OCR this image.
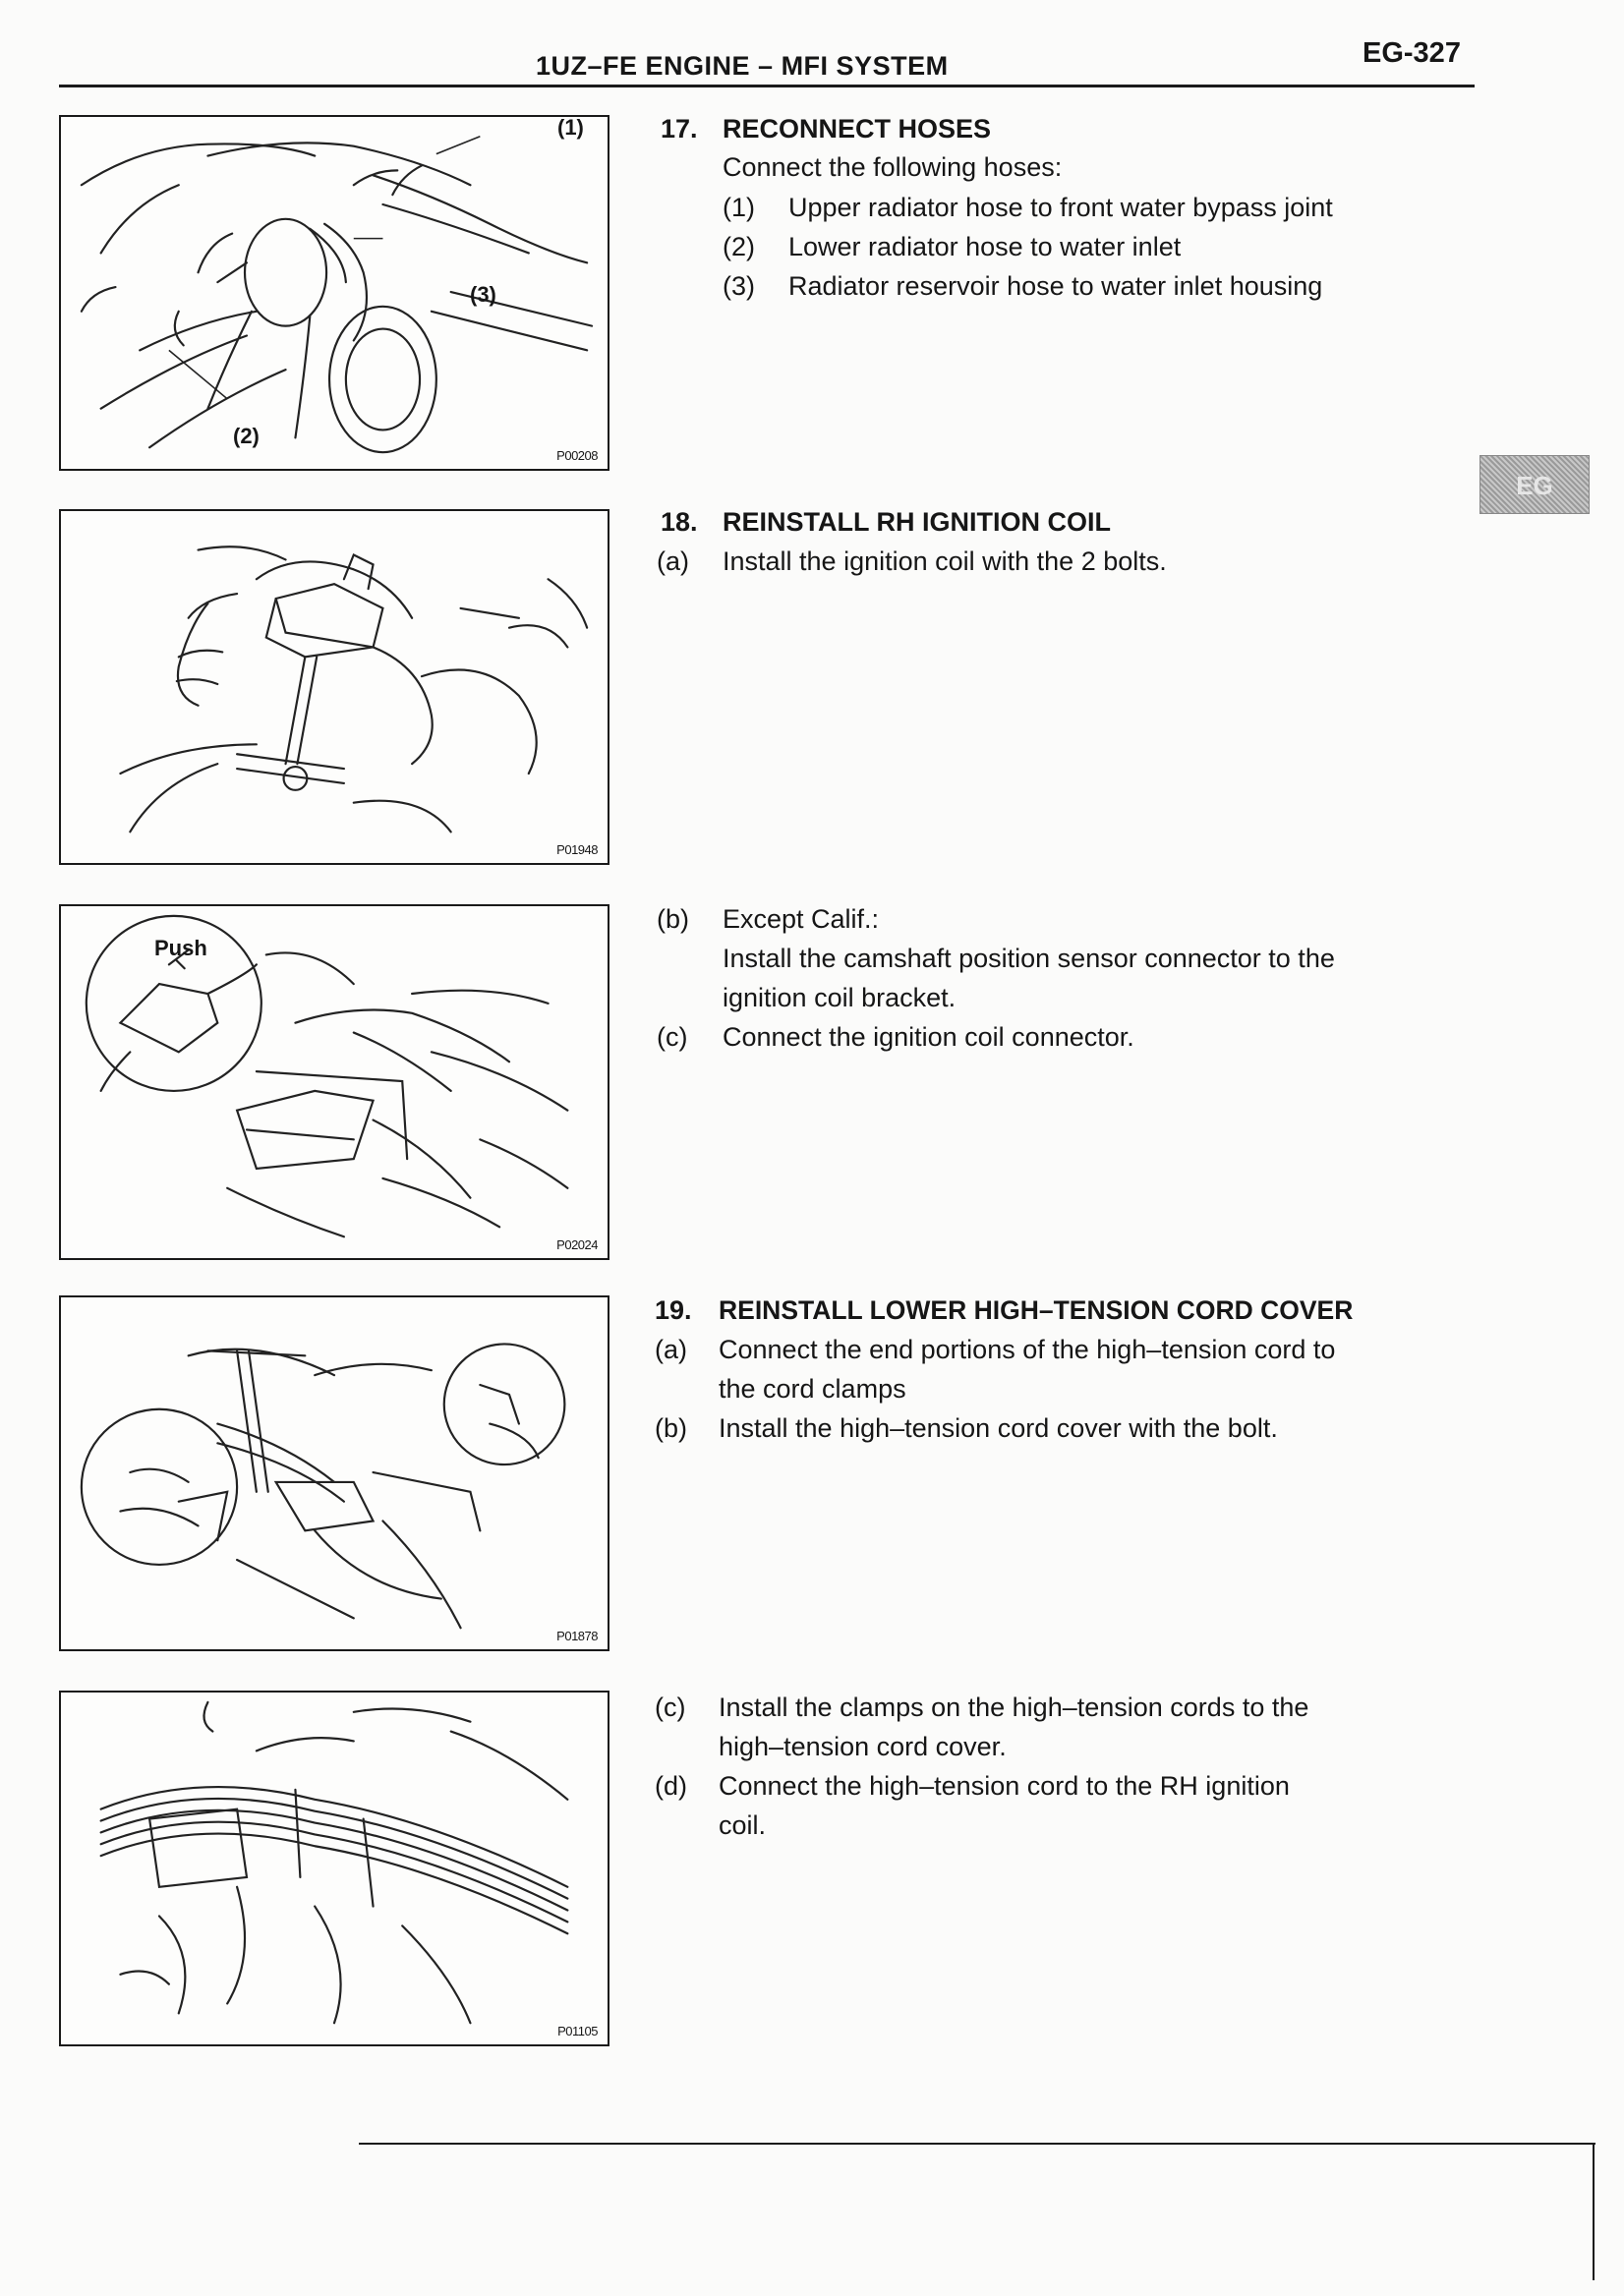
1UZ–FE ENGINE – MFI SYSTEM	EG-327
EG
(1)
(3)
(2)
P00208
P01948
Push
P02024
P01878
P01105
17. RECONNECT HOSES
Connect the following hoses:
(1) Upper radiator hose to front water bypass joint
(2) Lower radiator hose to water inlet
(3) Radiator reservoir hose to water inlet housing
18. REINSTALL RH IGNITION COIL
(a) Install the ignition coil with the 2 bolts.
(b) Except Calif.:
Install the camshaft position sensor connector to the
ignition coil bracket.
(c) Connect the ignition coil connector.
19. REINSTALL LOWER HIGH–TENSION CORD COVER
(a) Connect the end portions of the high–tension cord to
the cord clamps
(b) Install the high–tension cord cover with the bolt.
(c) Install the clamps on the high–tension cords to the
high–tension cord cover.
(d) Connect the high–tension cord to the RH ignition
coil.
